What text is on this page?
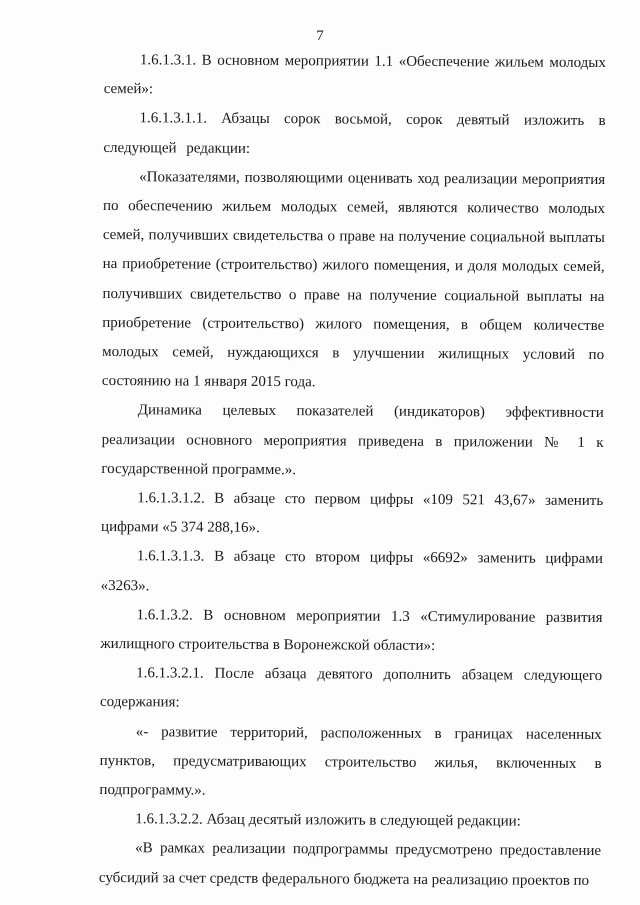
7

1.6.1.3.1. В основном мероприятии 1.1 «Обеспечение жильем молодых семей»:

1.6.1.3.1.1. Абзацы сорок восьмой, сорок девятый изложить в следующей редакции:

«Показателями, позволяющими оценивать ход реализации мероприятия по обеспечению жильем молодых семей, являются количество молодых семей, получивших свидетельства о праве на получение социальной выплаты на приобретение (строительство) жилого помещения, и доля молодых семей, получивших свидетельство о праве на получение социальной выплаты на приобретение (строительство) жилого помещения, в общем количестве молодых семей, нуждающихся в улучшении жилищных условий по состоянию на 1 января 2015 года.

Динамика целевых показателей (индикаторов) эффективности реализации основного мероприятия приведена в приложении № 1 к государственной программе.».

1.6.1.3.1.2. В абзаце сто первом цифры «109 521 43,67» заменить цифрами «5 374 288,16».

1.6.1.3.1.3. В абзаце сто втором цифры «6692» заменить цифрами «3263».

1.6.1.3.2. В основном мероприятии 1.3 «Стимулирование развития жилищного строительства в Воронежской области»:

1.6.1.3.2.1. После абзаца девятого дополнить абзацем следующего содержания:

«- развитие территорий, расположенных в границах населенных пунктов, предусматривающих строительство жилья, включенных в подпрограмму.».

1.6.1.3.2.2. Абзац десятый изложить в следующей редакции:

«В рамках реализации подпрограммы предусмотрено предоставление субсидий за счет средств федерального бюджета на реализацию проектов по
